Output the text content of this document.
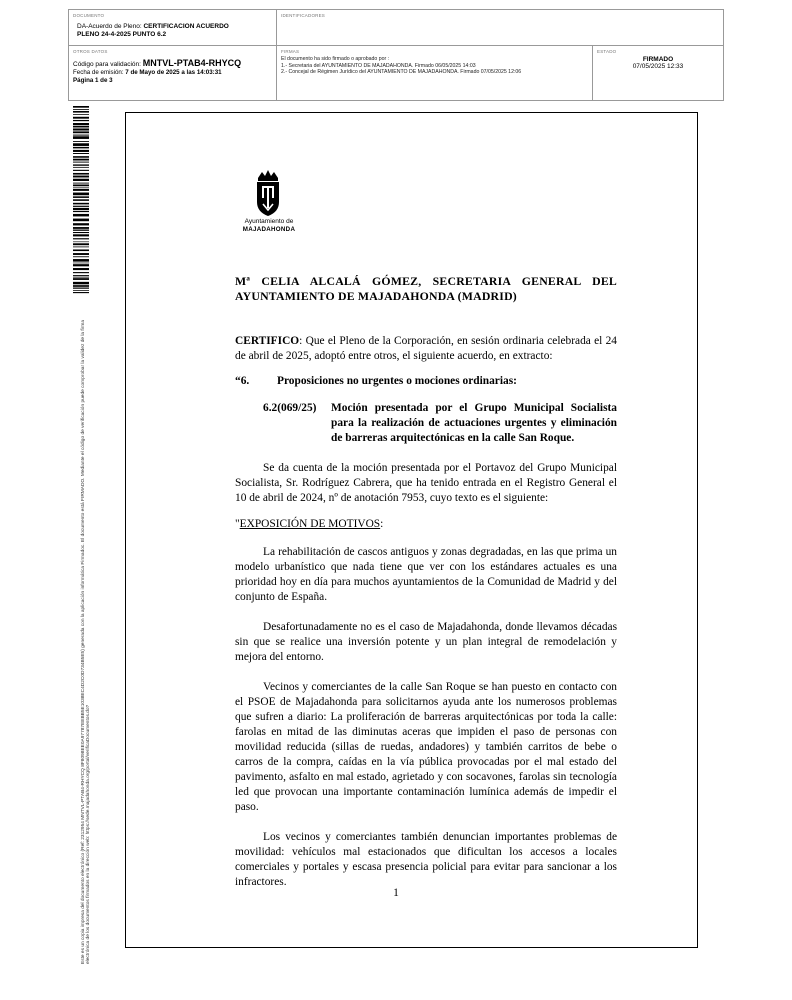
DOCUMENTO
DA-Acuerdo de Pleno: CERTIFICACION ACUERDO
PLENO 24-4-2025 PUNTO 6.2
IDENTIFICADORES
OTROS DATOS
Código para validación: MNTVL-PTAB4-RHYCQ
Fecha de emisión: 7 de Mayo de 2025 a las 14:03:31
Página 1 de 3
FIRMAS
El documento ha sido firmado o aprobado por :
1.- Secretaria del AYUNTAMIENTO DE MAJADAHONDA. Firmado 06/05/2025 14:03
2.- Concejal de Régimen Jurídico del AYUNTAMIENTO DE MAJADAHONDA. Firmado 07/05/2025 12:06
ESTADO
FIRMADO
07/05/2025 12:33
Este es un copia impresa del documento electrónico (Ref: 2312954 MNTVL-PTAB4-RHYCQ 8F8098EE0A97787EEBB5E1038EC4D2C0D734B5E5) generada con la aplicación informática Firmadoc. El documento está FIRMADO. Mediante el código de verificación puede comprobar la validez de la firma electrónica de los documentos firmados en la dirección web: https://sede.majadahonda.org/portal/verificaDocumentos.do?
Ayuntamiento de
MAJADAHONDA

Mª CELIA ALCALÁ GÓMEZ, SECRETARIA GENERAL DEL AYUNTAMIENTO DE MAJADAHONDA (MADRID)

CERTIFICO: Que el Pleno de la Corporación, en sesión ordinaria celebrada el 24 de abril de 2025, adoptó entre otros, el siguiente acuerdo, en extracto:

“6.	Proposiciones no urgentes o mociones ordinarias:
6.2(069/25)	Moción presentada por el Grupo Municipal Socialista para la realización de actuaciones urgentes y eliminación de barreras arquitectónicas en la calle San Roque.

Se da cuenta de la moción presentada por el Portavoz del Grupo Municipal Socialista, Sr. Rodríguez Cabrera, que ha tenido entrada en el Registro General el 10 de abril de 2024, nº de anotación 7953, cuyo texto es el siguiente:

"EXPOSICIÓN DE MOTIVOS:

La rehabilitación de cascos antiguos y zonas degradadas, en las que prima un modelo urbanístico que nada tiene que ver con los estándares actuales es una prioridad hoy en día para muchos ayuntamientos de la Comunidad de Madrid y del conjunto de España.

Desafortunadamente no es el caso de Majadahonda, donde llevamos décadas sin que se realice una inversión potente y un plan integral de remodelación y mejora del entorno.

Vecinos y comerciantes de la calle San Roque se han puesto en contacto con el PSOE de Majadahonda para solicitarnos ayuda ante los numerosos problemas que sufren a diario: La proliferación de barreras arquitectónicas por toda la calle: farolas en mitad de las diminutas aceras que impiden el paso de personas con movilidad reducida (sillas de ruedas, andadores) y también carritos de bebe o carros de la compra, caídas en la vía pública provocadas por el mal estado del pavimento, asfalto en mal estado, agrietado y con socavones, farolas sin tecnología led que provocan una importante contaminación lumínica además de impedir el paso.

Los vecinos y comerciantes también denuncian importantes problemas de movilidad: vehículos mal estacionados que dificultan los accesos a locales comerciales y portales y escasa presencia policial para evitar para sancionar a los infractores.

1
